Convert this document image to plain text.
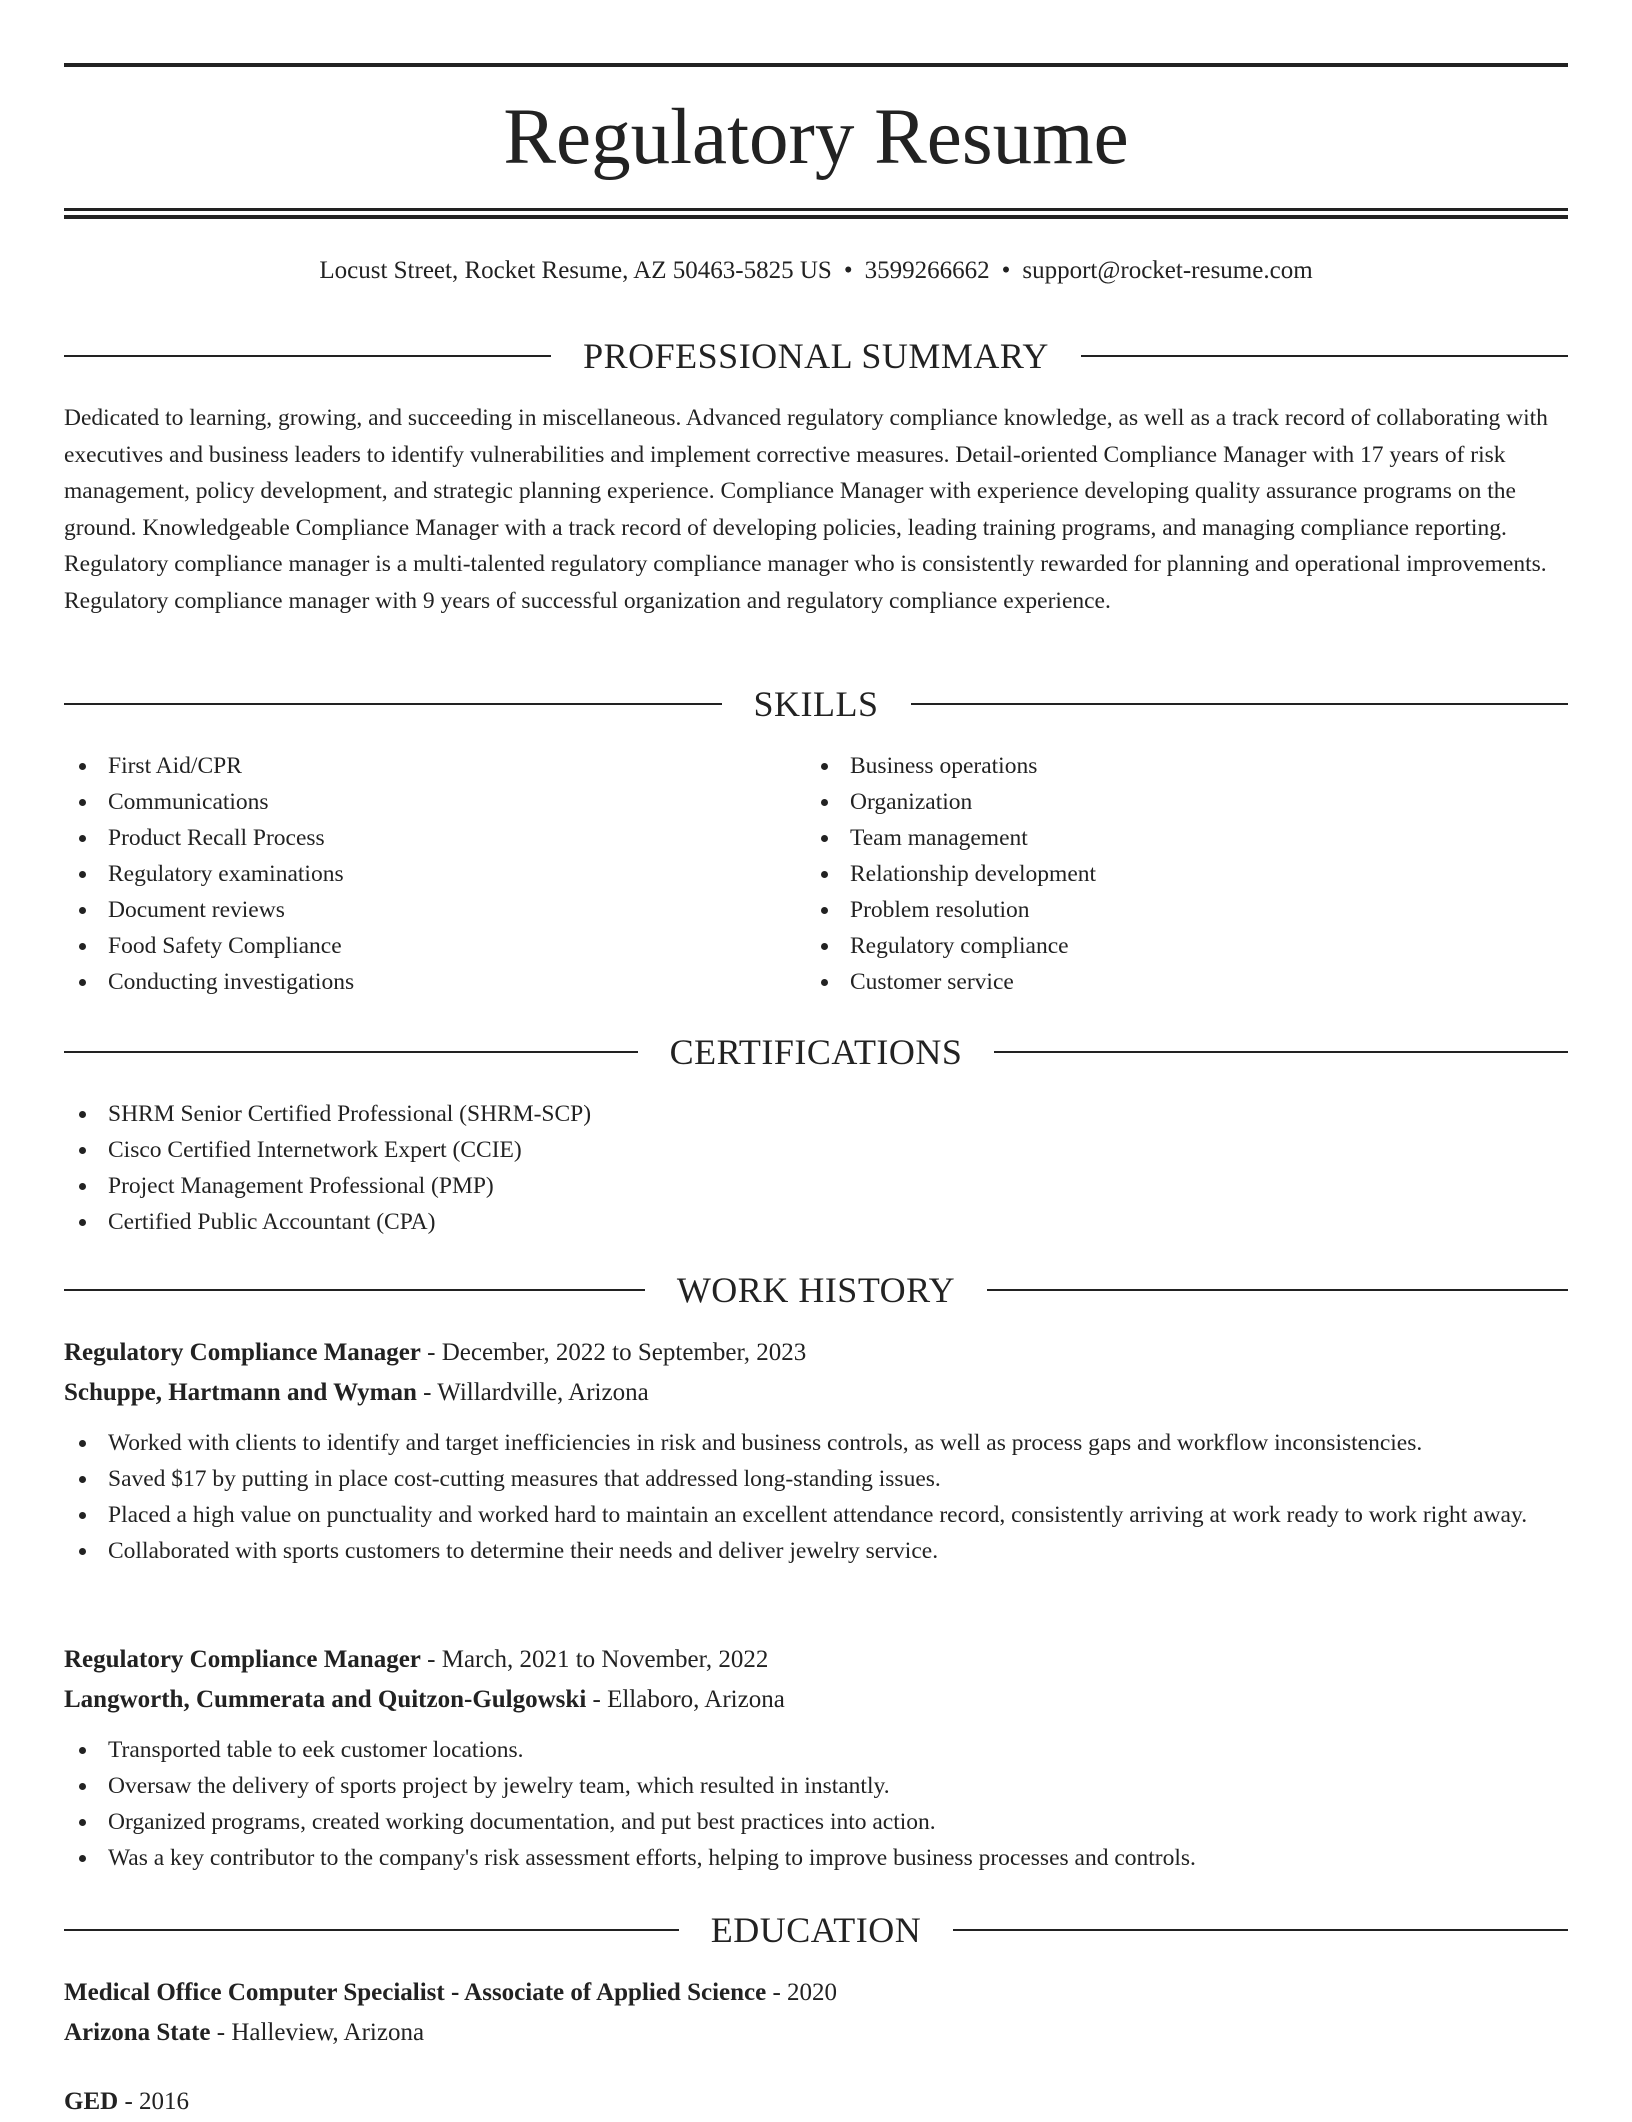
Regulatory Resume
Locust Street, Rocket Resume, AZ 50463-5825 US • 3599266662 • support@rocket-resume.com
PROFESSIONAL SUMMARY

Dedicated to learning, growing, and succeeding in miscellaneous. Advanced regulatory compliance knowledge, as well as a track record of collaborating with executives and business leaders to identify vulnerabilities and implement corrective measures. Detail-oriented Compliance Manager with 17 years of risk management, policy development, and strategic planning experience. Compliance Manager with experience developing quality assurance programs on the ground. Knowledgeable Compliance Manager with a track record of developing policies, leading training programs, and managing compliance reporting. Regulatory compliance manager is a multi-talented regulatory compliance manager who is consistently rewarded for planning and operational improvements. Regulatory compliance manager with 9 years of successful organization and regulatory compliance experience.

SKILLS
First Aid/CPR
Communications
Product Recall Process
Regulatory examinations
Document reviews
Food Safety Compliance
Conducting investigations
Business operations
Organization
Team management
Relationship development
Problem resolution
Regulatory compliance
Customer service
CERTIFICATIONS
SHRM Senior Certified Professional (SHRM-SCP)
Cisco Certified Internetwork Expert (CCIE)
Project Management Professional (PMP)
Certified Public Accountant (CPA)
WORK HISTORY

Regulatory Compliance Manager - December, 2022 to September, 2023

Schuppe, Hartmann and Wyman - Willardville, Arizona

Worked with clients to identify and target inefficiencies in risk and business controls, as well as process gaps and workflow inconsistencies.
Saved $17 by putting in place cost-cutting measures that addressed long-standing issues.
Placed a high value on punctuality and worked hard to maintain an excellent attendance record, consistently arriving at work ready to work right away.
Collaborated with sports customers to determine their needs and deliver jewelry service.

Regulatory Compliance Manager - March, 2021 to November, 2022

Langworth, Cummerata and Quitzon-Gulgowski - Ellaboro, Arizona

Transported table to eek customer locations.
Oversaw the delivery of sports project by jewelry team, which resulted in instantly.
Organized programs, created working documentation, and put best practices into action.
Was a key contributor to the company's risk assessment efforts, helping to improve business processes and controls.
EDUCATION

Medical Office Computer Specialist - Associate of Applied Science - 2020

Arizona State - Halleview, Arizona

GED - 2016
